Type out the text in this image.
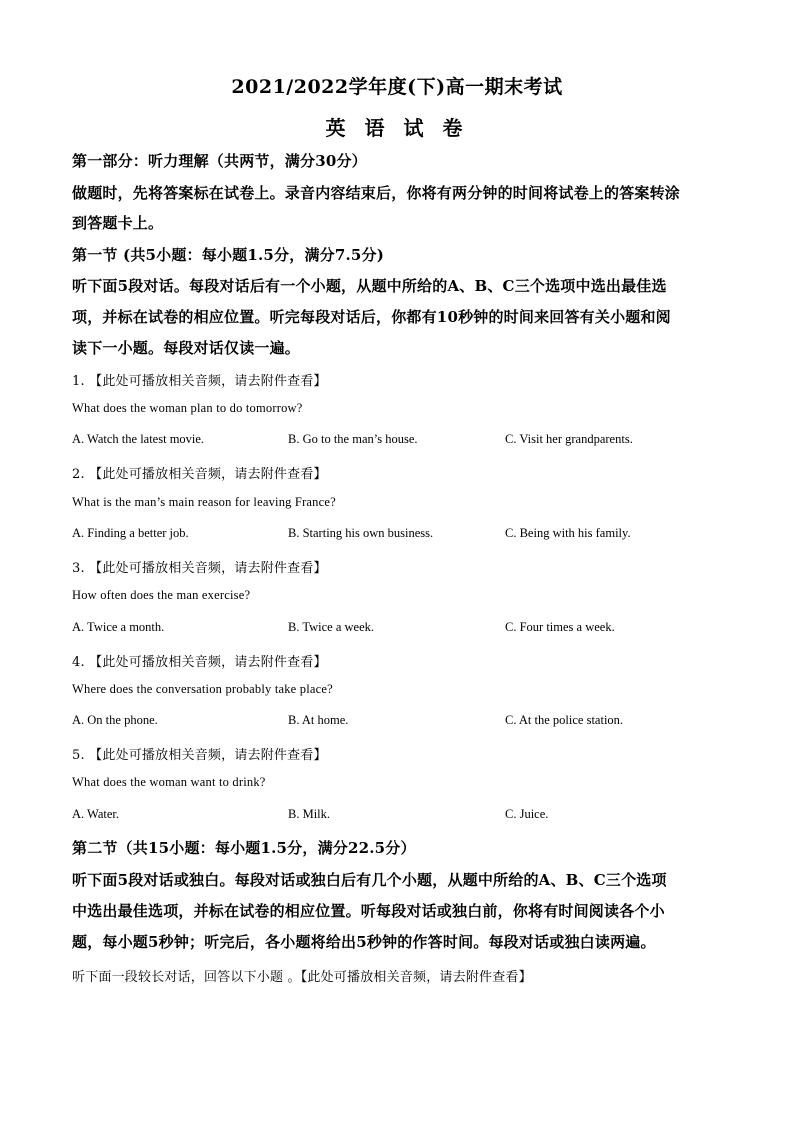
2021/2022学年度(下)高一期末考试
英 语 试 卷
第一部分：听力理解（共两节，满分30分）
做题时，先将答案标在试卷上。录音内容结束后，你将有两分钟的时间将试卷上的答案转涂
到答题卡上。
第一节 (共5小题：每小题1.5分，满分7.5分)
听下面5段对话。每段对话后有一个小题，从题中所给的A、B、C三个选项中选出最佳选
项，并标在试卷的相应位置。听完每段对话后，你都有10秒钟的时间来回答有关小题和阅
读下一小题。每段对话仅读一遍。
1. 【此处可播放相关音频，请去附件查看】
What does the woman plan to do tomorrow?
A. Watch the latest movie.	B. Go to the man’s house.	C. Visit her grandparents.
2. 【此处可播放相关音频，请去附件查看】
What is the man’s main reason for leaving France?
A. Finding a better job.	B. Starting his own business.	C. Being with his family.
3. 【此处可播放相关音频，请去附件查看】
How often does the man exercise?
A. Twice a month.	B. Twice a week.	C. Four times a week.
4. 【此处可播放相关音频，请去附件查看】
Where does the conversation probably take place?
A. On the phone.	B. At home.	C. At the police station.
5. 【此处可播放相关音频，请去附件查看】
What does the woman want to drink?
A. Water.	B. Milk.	C. Juice.
第二节（共15小题：每小题1.5分，满分22.5分）
听下面5段对话或独白。每段对话或独白后有几个小题，从题中所给的A、B、C三个选项
中选出最佳选项，并标在试卷的相应位置。听每段对话或独白前，你将有时间阅读各个小
题，每小题5秒钟；听完后，各小题将给出5秒钟的作答时间。每段对话或独白读两遍。
听下面一段较长对话，回答以下小题 。【此处可播放相关音频，请去附件查看】
